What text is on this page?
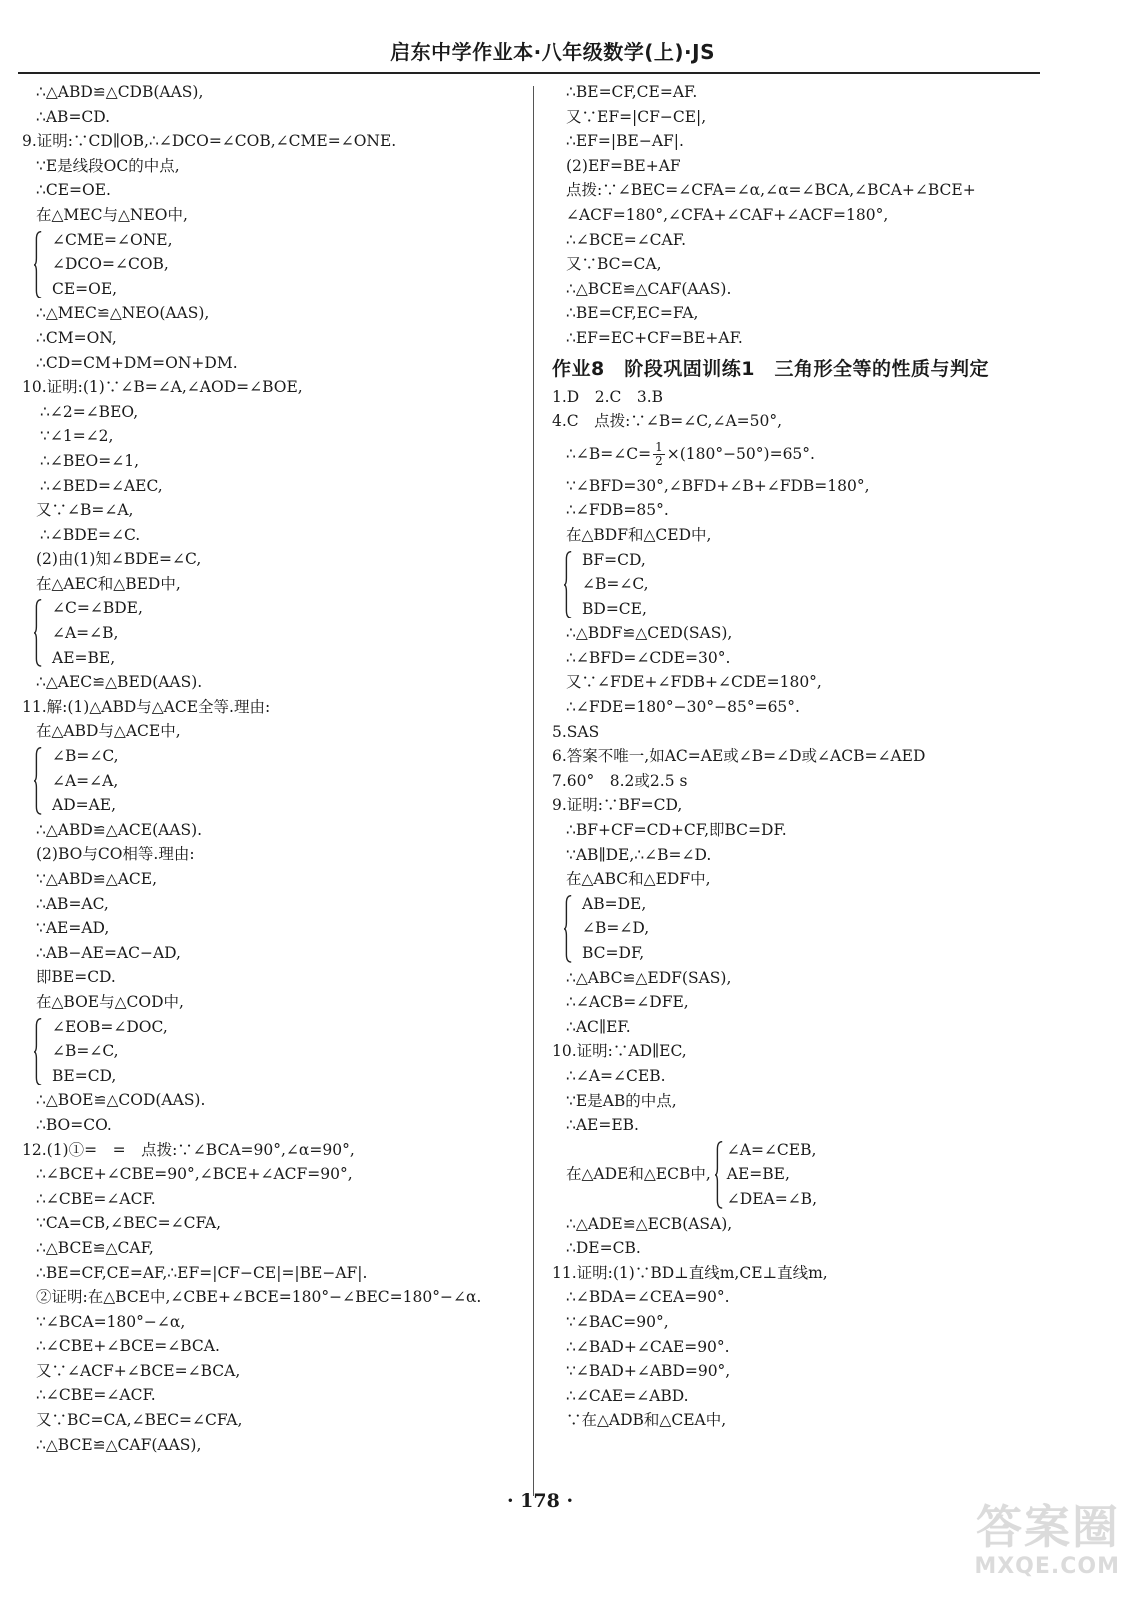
启东中学作业本·八年级数学(上)·JS
∴△ABD≌△CDB(AAS),
∴AB=CD.
9.证明:∵CD∥OB,∴∠DCO=∠COB,∠CME=∠ONE.
∵E是线段OC的中点,
∴CE=OE.
在△MEC与△NEO中,
∠CME=∠ONE,
∠DCO=∠COB,
CE=OE,
∴△MEC≌△NEO(AAS),
∴CM=ON,
∴CD=CM+DM=ON+DM.
10.证明:(1)∵∠B=∠A,∠AOD=∠BOE,
∴∠2=∠BEO,
∵∠1=∠2,
∴∠BEO=∠1,
∴∠BED=∠AEC,
又∵∠B=∠A,
∴∠BDE=∠C.
(2)由(1)知∠BDE=∠C,
在△AEC和△BED中,
∠C=∠BDE,
∠A=∠B,
AE=BE,
∴△AEC≌△BED(AAS).
11.解:(1)△ABD与△ACE全等.理由:
在△ABD与△ACE中,
∠B=∠C,
∠A=∠A,
AD=AE,
∴△ABD≌△ACE(AAS).
(2)BO与CO相等.理由:
∵△ABD≌△ACE,
∴AB=AC,
∵AE=AD,
∴AB−AE=AC−AD,
即BE=CD.
在△BOE与△COD中,
∠EOB=∠DOC,
∠B=∠C,
BE=CD,
∴△BOE≌△COD(AAS).
∴BO=CO.
12.(1)①=　=　点拨:∵∠BCA=90°,∠α=90°,
∴∠BCE+∠CBE=90°,∠BCE+∠ACF=90°,
∴∠CBE=∠ACF.
∵CA=CB,∠BEC=∠CFA,
∴△BCE≌△CAF,
∴BE=CF,CE=AF,∴EF=|CF−CE|=|BE−AF|.
②证明:在△BCE中,∠CBE+∠BCE=180°−∠BEC=180°−∠α.
∵∠BCA=180°−∠α,
∴∠CBE+∠BCE=∠BCA.
又∵∠ACF+∠BCE=∠BCA,
∴∠CBE=∠ACF.
又∵BC=CA,∠BEC=∠CFA,
∴△BCE≌△CAF(AAS),
∴BE=CF,CE=AF.
又∵EF=|CF−CE|,
∴EF=|BE−AF|.
(2)EF=BE+AF
点拨:∵∠BEC=∠CFA=∠α,∠α=∠BCA,∠BCA+∠BCE+
∠ACF=180°,∠CFA+∠CAF+∠ACF=180°,
∴∠BCE=∠CAF.
又∵BC=CA,
∴△BCE≌△CAF(AAS).
∴BE=CF,EC=FA,
∴EF=EC+CF=BE+AF.
作业8　阶段巩固训练1　三角形全等的性质与判定
1.D　2.C　3.B
4.C　点拨:∵∠B=∠C,∠A=50°,
∴∠B=∠C= $\frac{1}{2} \times(180^\circ-50^\circ)=65^\circ$.
∵∠BFD=30°,∠BFD+∠B+∠FDB=180°,
∴∠FDB=85°.
在△BDF和△CED中,
BF=CD,
∠B=∠C,
BD=CE,
∴△BDF≌△CED(SAS),
∴∠BFD=∠CDE=30°.
又∵∠FDE+∠FDB+∠CDE=180°,
∴∠FDE=180°−30°−85°=65°.
5.SAS
6.答案不唯一,如AC=AE或∠B=∠D或∠ACB=∠AED
7.60°　8.2或2.5 s
9.证明:∵BF=CD,
∴BF+CF=CD+CF,即BC=DF.
∵AB∥DE,∴∠B=∠D.
在△ABC和△EDF中,
AB=DE,
∠B=∠D,
BC=DF,
∴△ABC≌△EDF(SAS),
∴∠ACB=∠DFE,
∴AC∥EF.
10.证明:∵AD∥EC,
∴∠A=∠CEB.
∵E是AB的中点,
∴AE=EB.
在△ADE和△ECB中,
∠A=∠CEB,
AE=BE,
∠DEA=∠B,
∴△ADE≌△ECB(ASA),
∴DE=CB.
11.证明:(1)∵BD⊥直线m,CE⊥直线m,
∴∠BDA=∠CEA=90°.
∵∠BAC=90°,
∴∠BAD+∠CAE=90°.
∵∠BAD+∠ABD=90°,
∴∠CAE=∠ABD.
∵在△ADB和△CEA中,
· 178 ·	答案圈
MXQE.COM
